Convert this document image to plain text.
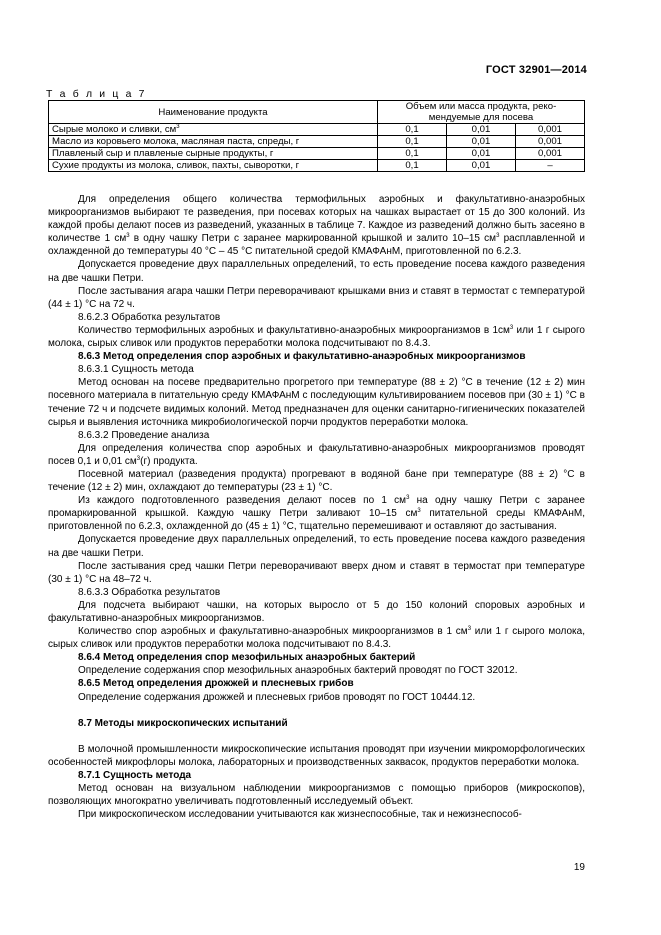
ГОСТ 32901—2014
Т а б л и ц а 7
Наименование продукта	Объем или масса продукта, реко-
мендуемые для посева		
Сырые молоко и сливки, $см^3$	0,1	0,01	0,001
Масло из коровьего молока, масляная паста, спреды, г	0,1	0,01	0,001
Плавленый сыр и плавленые сырные продукты, г	0,1	0,01	0,001
Сухие продукты из молока, сливок, пахты, сыворотки, г	0,1	0,01	–

Для определения общего количества термофильных аэробных и факультативно-анаэробных микроорганизмов выбирают те разведения, при посевах которых на чашках вырастает от 15 до 300 колоний. Из каждой пробы делают посев из разведений, указанных в таблице 7. Каждое из разведений должно быть засеяно в количестве 1 $см^3$ в одну чашку Петри с заранее маркированной крышкой и залито 10–15 $см^3$ расплавленной и охлажденной до температуры 40 °С – 45 °С питательной средой КМАФАнМ, приготовленной по 6.2.3.

Допускается проведение двух параллельных определений, то есть проведение посева каждого разведения на две чашки Петри.

После застывания агара чашки Петри переворачивают крышками вниз и ставят в термостат с температурой (44 ± 1) °С на 72 ч.

8.6.2.3 Обработка результатов

Количество термофильных аэробных и факультативно-анаэробных микроорганизмов в $1см^3$ или 1 г сырого молока, сырых сливок или продуктов переработки молока подсчитывают по 8.4.3.

8.6.3 Метод определения спор аэробных и факультативно-анаэробных микроорганизмов

8.6.3.1 Сущность метода

Метод основан на посеве предварительно прогретого при температуре (88 ± 2) °С в течение (12 ± 2) мин посевного материала в питательную среду КМАФАнМ с последующим культивированием посевов при (30 ± 1) °С в течение 72 ч и подсчете видимых колоний. Метод предназначен для оценки санитарно-гигиенических показателей сырья и выявления источника микробиологической порчи продуктов переработки молока.

8.6.3.2 Проведение анализа

Для определения количества спор аэробных и факультативно-анаэробных микроорганизмов проводят посев 0,1 и 0,01 $см^3(г)$ продукта.

Посевной материал (разведения продукта) прогревают в водяной бане при температуре (88 ± 2) °С в течение (12 ± 2) мин, охлаждают до температуры (23 ± 1) °С.

Из каждого подготовленного разведения делают посев по 1 $см^3$ на одну чашку Петри с заранее промаркированной крышкой. Каждую чашку Петри заливают 10–15 $см^3$ питательной среды КМАФАнМ, приготовленной по 6.2.3, охлажденной до (45 ± 1) °С, тщательно перемешивают и оставляют до застывания.

Допускается проведение двух параллельных определений, то есть проведение посева каждого разведения на две чашки Петри.

После застывания сред чашки Петри переворачивают вверх дном и ставят в термостат при температуре (30 ± 1) °С на 48–72 ч.

8.6.3.3 Обработка результатов

Для подсчета выбирают чашки, на которых выросло от 5 до 150 колоний споровых аэробных и факультативно-анаэробных микроорганизмов.

Количество спор аэробных и факультативно-анаэробных микроорганизмов в 1 $см^3$ или 1 г сырого молока, сырых сливок или продуктов переработки молока подсчитывают по 8.4.3.

8.6.4 Метод определения спор мезофильных анаэробных бактерий

Определение содержания спор мезофильных анаэробных бактерий проводят по ГОСТ 32012.

8.6.5 Метод определения дрожжей и плесневых грибов

Определение содержания дрожжей и плесневых грибов проводят по ГОСТ 10444.12.

8.7 Методы микроскопических испытаний

В молочной промышленности микроскопические испытания проводят при изучении микроморфологических особенностей микрофлоры молока, лабораторных и производственных заквасок, продуктов переработки молока.

8.7.1 Сущность метода

Метод основан на визуальном наблюдении микроорганизмов с помощью приборов (микроскопов), позволяющих многократно увеличивать подготовленный исследуемый объект.

При микроскопическом исследовании учитываются как жизнеспособные, так и нежизнеспособ-

19
